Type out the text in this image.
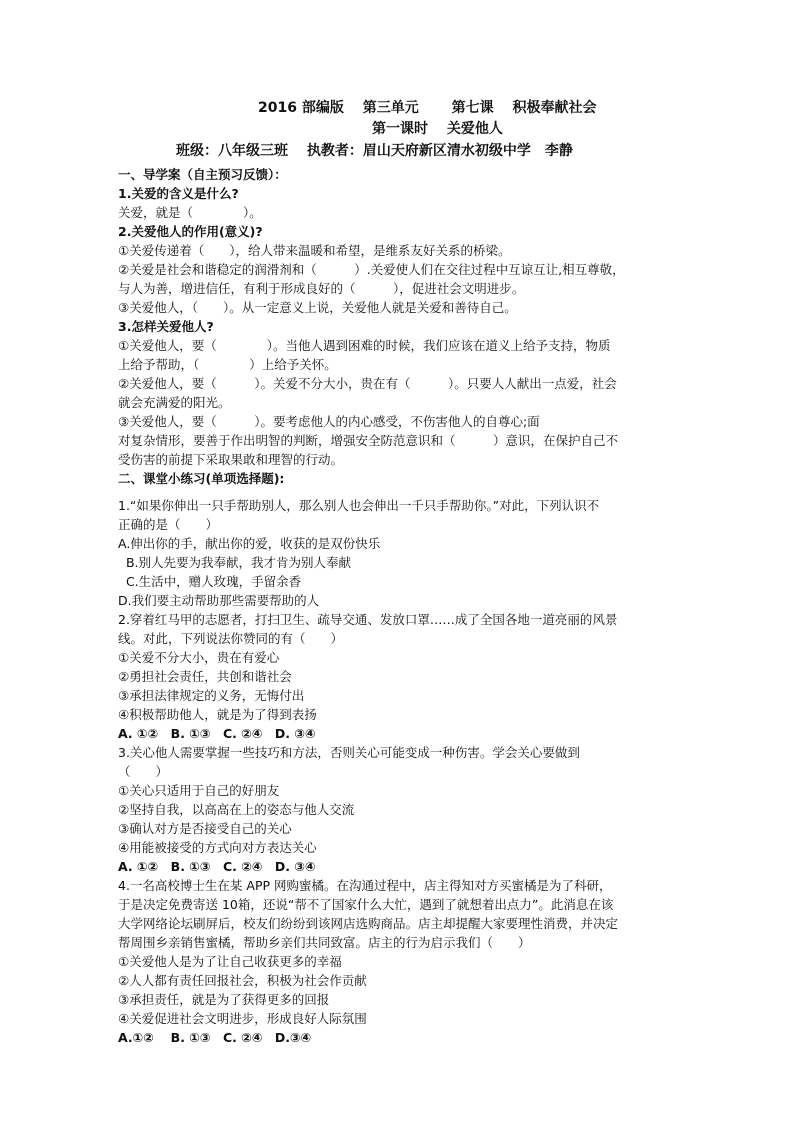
2016 部编版　 第三单元　　 第七课　 积极奉献社会
第一课时　 关爱他人
班级：八年级三班　 执教者：眉山天府新区清水初级中学　李静
一、导学案（自主预习反馈）：
1.关爱的含义是什么?
关爱，就是（　　　　）。
2.关爱他人的作用(意义)?
①关爱传递着（　　），给人带来温暖和希望，是维系友好关系的桥梁。
②关爱是社会和谐稳定的润滑剂和（　　　）.关爱使人们在交往过程中互谅互让,相互尊敬，
与人为善，增进信任，有利于形成良好的（　　　），促进社会文明进步。
③关爱他人，（　　）。从一定意义上说，关爱他人就是关爱和善待自己。
3.怎样关爱他人?
①关爱他人，要（　　　　）。当他人遇到困难的时候，我们应该在道义上给予支持，物质
上给予帮助，（　　　　）上给予关怀。
②关爱他人，要（　　　）。关爱不分大小，贵在有（　　　）。只要人人献出一点爱，社会
就会充满爱的阳光。
③关爱他人，要（　　　）。要考虑他人的内心感受，不伤害他人的自尊心;面
对复杂情形，要善于作出明智的判断，增强安全防范意识和（　　　）意识，在保护自己不
受伤害的前提下采取果敢和理智的行动。
二、课堂小练习(单项选择题):
1.“如果你伸出一只手帮助别人，那么别人也会伸出一千只手帮助你。”对此，下列认识不
正确的是（　　）
A.伸出你的手，献出你的爱，收获的是双份快乐
B.别人先要为我奉献，我才肯为别人奉献
C.生活中，赠人玫瑰，手留余香
D.我们要主动帮助那些需要帮助的人
2.穿着红马甲的志愿者，打扫卫生、疏导交通、发放口罩……成了全国各地一道亮丽的风景
线。对此，下列说法你赞同的有（　　）
①关爱不分大小，贵在有爱心
②勇担社会责任，共创和谐社会
③承担法律规定的义务，无悔付出
④积极帮助他人，就是为了得到表扬
A. ①②　B. ①③　C. ②④　D. ③④
3.关心他人需要掌握一些技巧和方法，否则关心可能变成一种伤害。学会关心要做到
（　　）
①关心只适用于自己的好朋友
②坚持自我，以高高在上的姿态与他人交流
③确认对方是否接受自己的关心
④用能被接受的方式向对方表达关心
A. ①②　B. ①③　C. ②④　D. ③④
4.一名高校博士生在某 APP 网购蜜橘。在沟通过程中，店主得知对方买蜜橘是为了科研，
于是决定免费寄送 10箱，还说“帮不了国家什么大忙，遇到了就想着出点力”。此消息在该
大学网络论坛刷屏后，校友们纷纷到该网店选购商品。店主却提醒大家要理性消费，并决定
帮周围乡亲销售蜜橘，帮助乡亲们共同致富。店主的行为启示我们（　　）
①关爱他人是为了让自己收获更多的幸福
②人人都有责任回报社会，积极为社会作贡献
③承担责任，就是为了获得更多的回报
④关爱促进社会文明进步，形成良好人际氛围
A.①②　 B. ①③　C. ②④　D.③④
